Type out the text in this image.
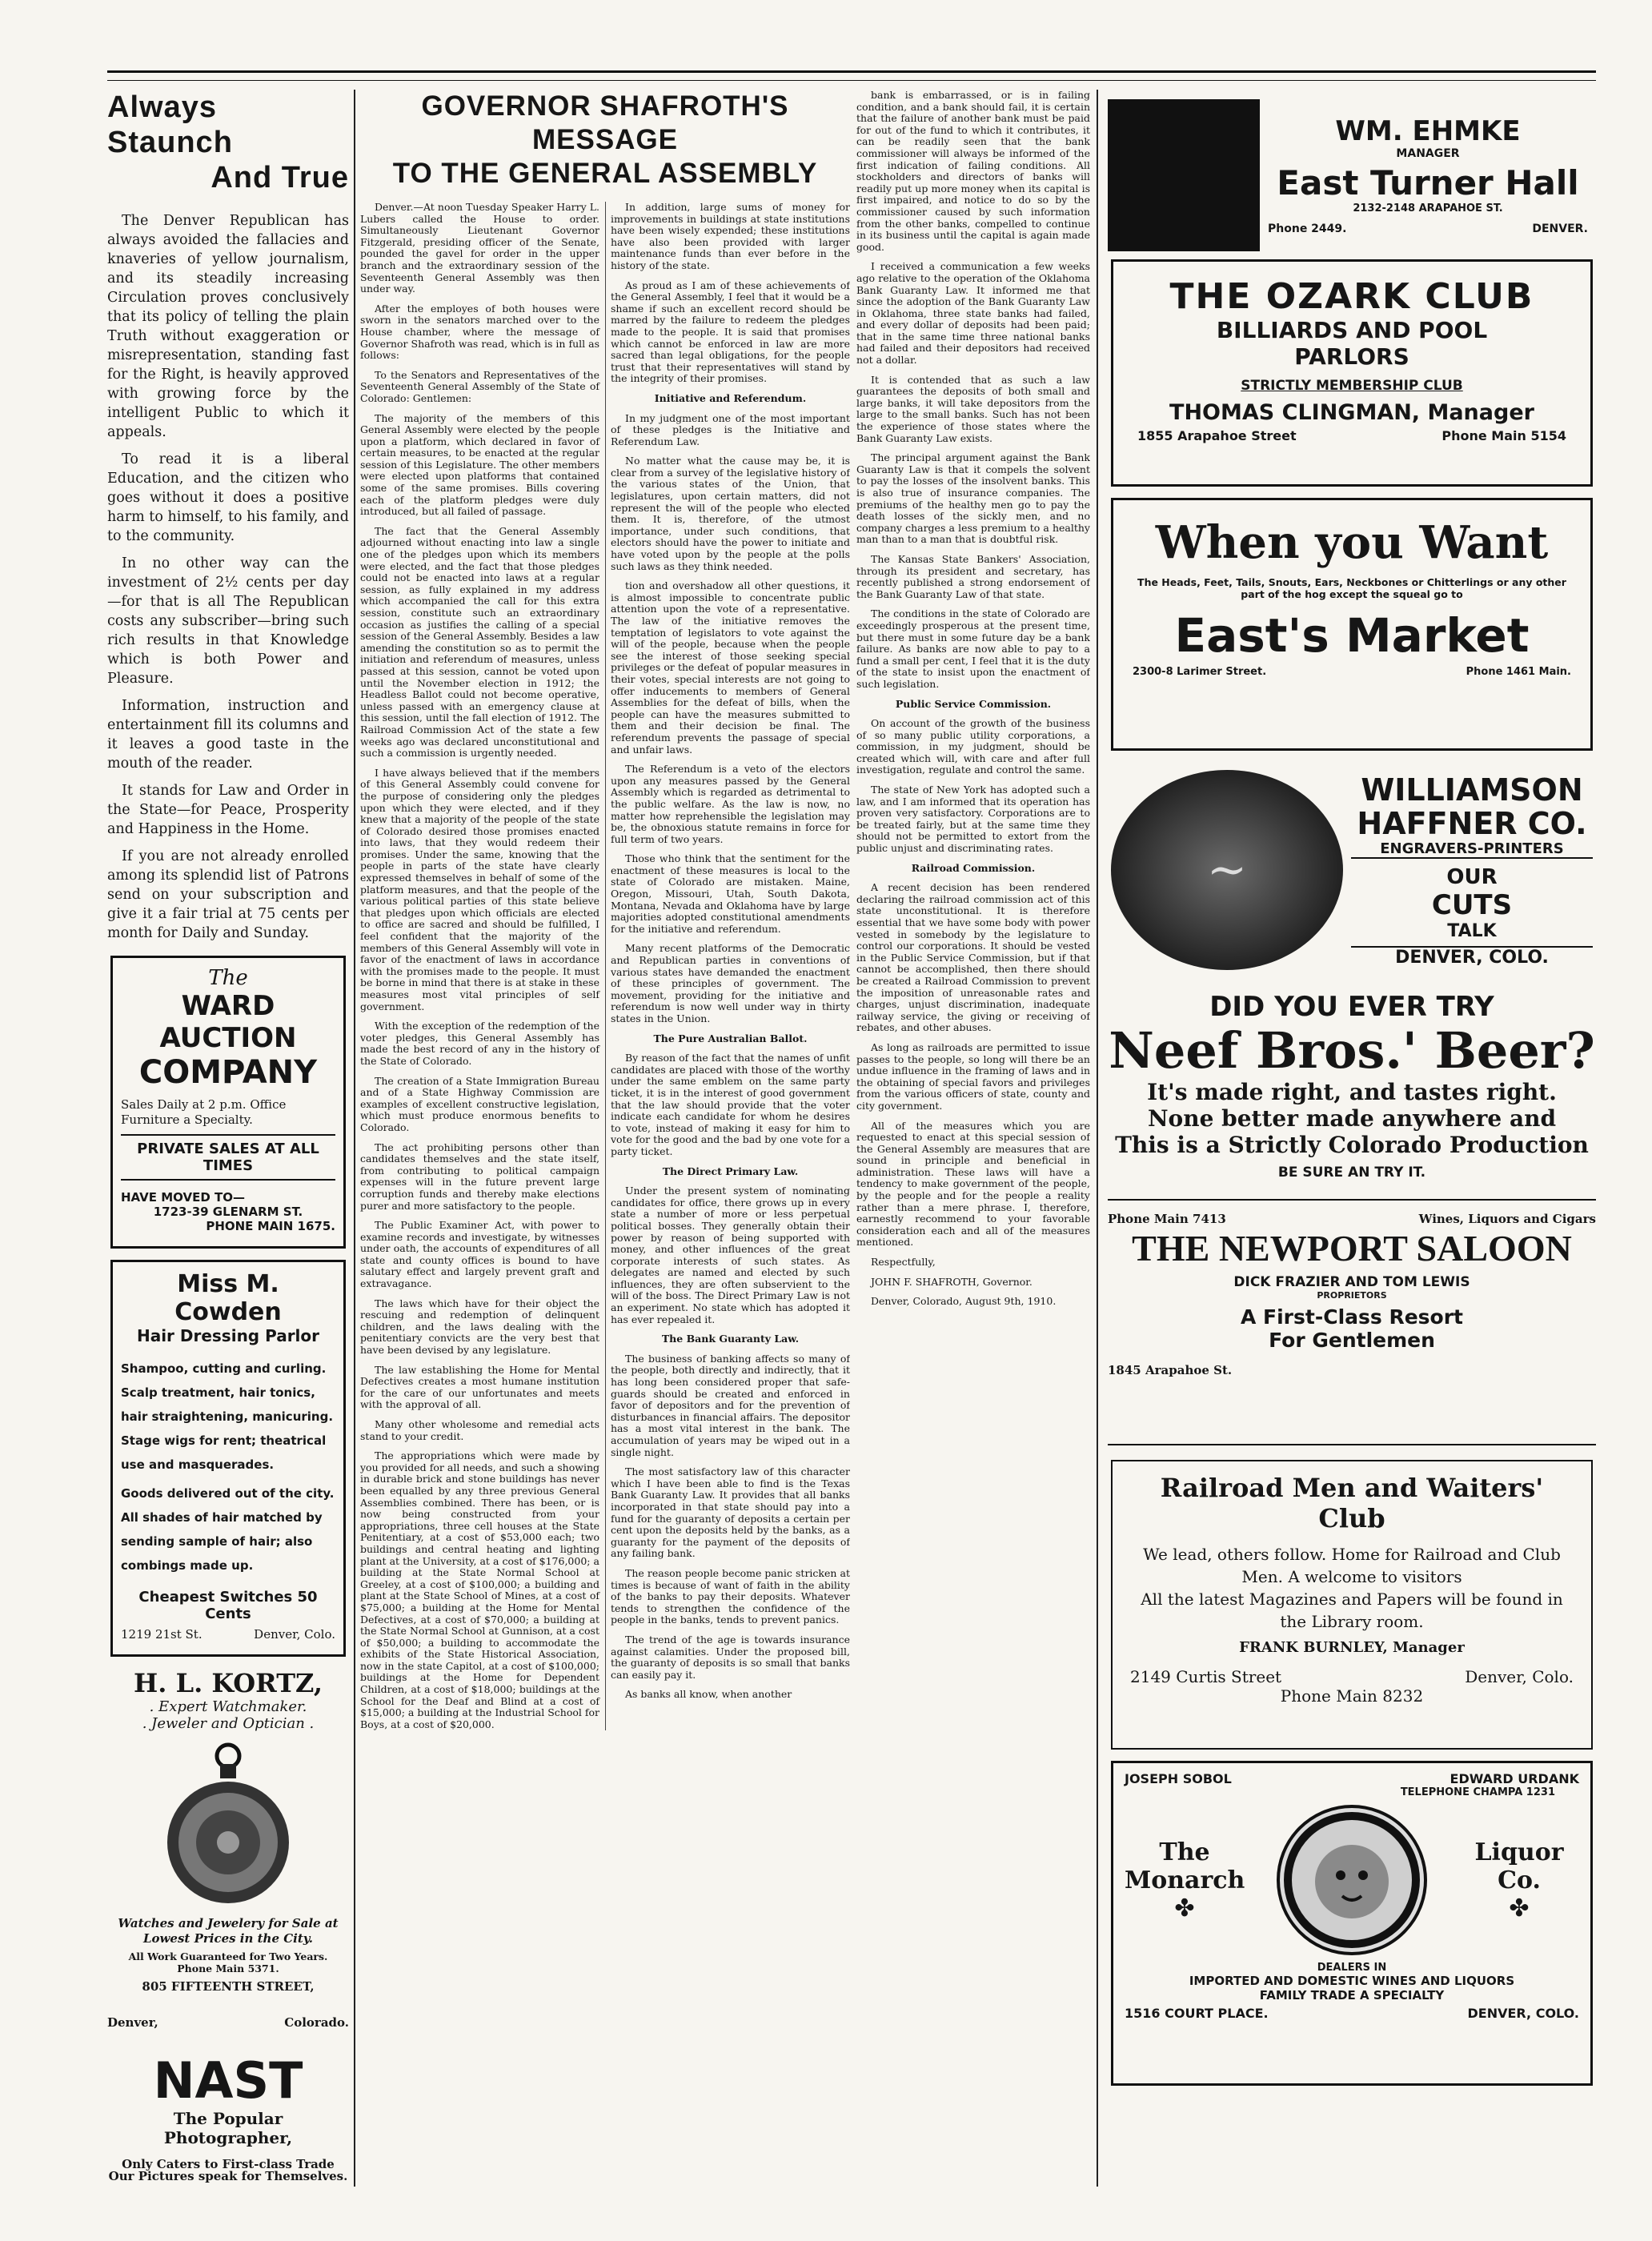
Always Staunch
And True

The Denver Republican has always avoided the fallacies and knaveries of yellow journalism, and its steadily increasing Circulation proves conclusively that its policy of telling the plain Truth without exaggeration or misrepresentation, standing fast for the Right, is heavily approved with growing force by the intelligent Public to which it appeals.

To read it is a liberal Education, and the citizen who goes without it does a positive harm to himself, to his family, and to the community.

In no other way can the investment of 2½ cents per day —for that is all The Republican costs any subscriber—bring such rich results in that Knowledge which is both Power and Pleasure.

Information, instruction and entertainment fill its columns and it leaves a good taste in the mouth of the reader.

It stands for Law and Order in the State—for Peace, Prosperity and Happiness in the Home.

If you are not already enrolled among its splendid list of Patrons send on your subscription and give it a fair trial at 75 cents per month for Daily and Sunday.

The
WARD AUCTION
COMPANY
Sales Daily at 2 p.m. Office Furniture a Specialty.
PRIVATE SALES AT ALL TIMES
HAVE MOVED TO—
1723-39 GLENARM ST.
PHONE MAIN 1675.
Miss M. Cowden
Hair Dressing Parlor
Shampoo, cutting and curling. Scalp treatment, hair tonics, hair straightening, manicuring. Stage wigs for rent; theatrical use and masquerades.
Goods delivered out of the city. All shades of hair matched by sending sample of hair; also combings made up.
Cheapest Switches 50 Cents
1219 21st St.	Denver, Colo.
H. L. KORTZ,
. Expert Watchmaker.
. Jeweler and Optician .
Watches and Jewelery for Sale at Lowest Prices in the City.
All Work Guaranteed for Two Years.
Phone Main 5371.
805 FIFTEENTH STREET,
Denver,	Colorado.
NAST
The Popular Photographer,
Only Caters to First-class Trade
Our Pictures speak for Themselves.
GOVERNOR SHAFROTH'S MESSAGE
TO THE GENERAL ASSEMBLY

Denver.—At noon Tuesday Speaker Harry L. Lubers called the House to order. Simultaneously Lieutenant Governor Fitzgerald, presiding officer of the Senate, pounded the gavel for order in the upper branch and the extraordinary session of the Seventeenth General Assembly was then under way.

After the employes of both houses were sworn in the senators marched over to the House chamber, where the message of Governor Shafroth was read, which is in full as follows:

To the Senators and Representatives of the Seventeenth General Assembly of the State of Colorado: Gentlemen:

The majority of the members of this General Assembly were elected by the people upon a platform, which declared in favor of certain measures, to be enacted at the regular session of this Legislature. The other members were elected upon platforms that contained some of the same promises. Bills covering each of the platform pledges were duly introduced, but all failed of passage.

The fact that the General Assembly adjourned without enacting into law a single one of the pledges upon which its members were elected, and the fact that those pledges could not be enacted into laws at a regular session, as fully explained in my address which accompanied the call for this extra session, constitute such an extraordinary occasion as justifies the calling of a special session of the General Assembly. Besides a law amending the constitution so as to permit the initiation and referendum of measures, unless passed at this session, cannot be voted upon until the November election in 1912; the Headless Ballot could not become operative, unless passed with an emergency clause at this session, until the fall election of 1912. The Railroad Commission Act of the state a few weeks ago was declared unconstitutional and such a commission is urgently needed.

I have always believed that if the members of this General Assembly could convene for the purpose of considering only the pledges upon which they were elected, and if they knew that a majority of the people of the state of Colorado desired those promises enacted into laws, that they would redeem their promises. Under the same, knowing that the people in parts of the state have clearly expressed themselves in behalf of some of the platform measures, and that the people of the various political parties of this state believe that pledges upon which officials are elected to office are sacred and should be fulfilled, I feel confident that the majority of the members of this General Assembly will vote in favor of the enactment of laws in accordance with the promises made to the people. It must be borne in mind that there is at stake in these measures most vital principles of self government.

With the exception of the redemption of the voter pledges, this General Assembly has made the best record of any in the history of the State of Colorado.

The creation of a State Immigration Bureau and of a State Highway Commission are examples of excellent constructive legislation, which must produce enormous benefits to Colorado.

The act prohibiting persons other than candidates themselves and the state itself, from contributing to political campaign expenses will in the future prevent large corruption funds and thereby make elections purer and more satisfactory to the people.

The Public Examiner Act, with power to examine records and investigate, by witnesses under oath, the accounts of expenditures of all state and county offices is bound to have salutary effect and largely prevent graft and extravagance.

The laws which have for their object the rescuing and redemption of delinquent children, and the laws dealing with the penitentiary convicts are the very best that have been devised by any legislature.

The law establishing the Home for Mental Defectives creates a most humane institution for the care of our unfortunates and meets with the approval of all.

Many other wholesome and remedial acts stand to your credit.

The appropriations which were made by you provided for all needs, and such a showing in durable brick and stone buildings has never been equalled by any three previous General Assemblies combined. There has been, or is now being constructed from your appropriations, three cell houses at the State Penitentiary, at a cost of $53,000 each; two buildings and central heating and lighting plant at the University, at a cost of $176,000; a building at the State Normal School at Greeley, at a cost of $100,000; a building and plant at the State School of Mines, at a cost of $75,000; a building at the Home for Mental Defectives, at a cost of $70,000; a building at the State Normal School at Gunnison, at a cost of $50,000; a building to accommodate the exhibits of the State Historical Association, now in the state Capitol, at a cost of $100,000; buildings at the Home for Dependent Children, at a cost of $18,000; buildings at the School for the Deaf and Blind at a cost of $15,000; a building at the Industrial School for Boys, at a cost of $20,000.

In addition, large sums of money for improvements in buildings at state institutions have been wisely expended; these institutions have also been provided with larger maintenance funds than ever before in the history of the state.

As proud as I am of these achievements of the General Assembly, I feel that it would be a shame if such an excellent record should be marred by the failure to redeem the pledges made to the people. It is said that promises which cannot be enforced in law are more sacred than legal obligations, for the people trust that their representatives will stand by the integrity of their promises.

Initiative and Referendum.

In my judgment one of the most important of these pledges is the Initiative and Referendum Law.

No matter what the cause may be, it is clear from a survey of the legislative history of the various states of the Union, that legislatures, upon certain matters, did not represent the will of the people who elected them. It is, therefore, of the utmost importance, under such conditions, that electors should have the power to initiate and have voted upon by the people at the polls such laws as they think needed.

tion and overshadow all other questions, it is almost impossible to concentrate public attention upon the vote of a representative. The law of the initiative removes the temptation of legislators to vote against the will of the people, because when the people see the interest of those seeking special privileges or the defeat of popular measures in their votes, special interests are not going to offer inducements to members of General Assemblies for the defeat of bills, when the people can have the measures submitted to them and their decision be final. The referendum prevents the passage of special and unfair laws.

The Referendum is a veto of the electors upon any measures passed by the General Assembly which is regarded as detrimental to the public welfare. As the law is now, no matter how reprehensible the legislation may be, the obnoxious statute remains in force for full term of two years.

Those who think that the sentiment for the enactment of these measures is local to the state of Colorado are mistaken. Maine, Oregon, Missouri, Utah, South Dakota, Montana, Nevada and Oklahoma have by large majorities adopted constitutional amendments for the initiative and referendum.

Many recent platforms of the Democratic and Republican parties in conventions of various states have demanded the enactment of these principles of government. The movement, providing for the initiative and referendum is now well under way in thirty states in the Union.

The Pure Australian Ballot.

By reason of the fact that the names of unfit candidates are placed with those of the worthy under the same emblem on the same party ticket, it is in the interest of good government that the law should provide that the voter indicate each candidate for whom he desires to vote, instead of making it easy for him to vote for the good and the bad by one vote for a party ticket.

The Direct Primary Law.

Under the present system of nominating candidates for office, there grows up in every state a number of more or less perpetual political bosses. They generally obtain their power by reason of being supported with money, and other influences of the great corporate interests of such states. As delegates are named and elected by such influences, they are often subservient to the will of the boss. The Direct Primary Law is not an experiment. No state which has adopted it has ever repealed it.

The Bank Guaranty Law.

The business of banking affects so many of the people, both directly and indirectly, that it has long been considered proper that safe-guards should be created and enforced in favor of depositors and for the prevention of disturbances in financial affairs. The depositor has a most vital interest in the bank. The accumulation of years may be wiped out in a single night.

The most satisfactory law of this character which I have been able to find is the Texas Bank Guaranty Law. It provides that all banks incorporated in that state should pay into a fund for the guaranty of deposits a certain per cent upon the deposits held by the banks, as a guaranty for the payment of the deposits of any failing bank.

The reason people become panic stricken at times is because of want of faith in the ability of the banks to pay their deposits. Whatever tends to strengthen the confidence of the people in the banks, tends to prevent panics.

The trend of the age is towards insurance against calamities. Under the proposed bill, the guaranty of deposits is so small that banks can easily pay it.

As banks all know, when another

bank is embarrassed, or is in failing condition, and a bank should fail, it is certain that the failure of another bank must be paid for out of the fund to which it contributes, it can be readily seen that the bank commissioner will always be informed of the first indication of failing conditions. All stockholders and directors of banks will readily put up more money when its capital is first impaired, and notice to do so by the commissioner caused by such information from the other banks, compelled to continue in its business until the capital is again made good.

I received a communication a few weeks ago relative to the operation of the Oklahoma Bank Guaranty Law. It informed me that since the adoption of the Bank Guaranty Law in Oklahoma, three state banks had failed, and every dollar of deposits had been paid; that in the same time three national banks had failed and their depositors had received not a dollar.

It is contended that as such a law guarantees the deposits of both small and large banks, it will take depositors from the large to the small banks. Such has not been the experience of those states where the Bank Guaranty Law exists.

The principal argument against the Bank Guaranty Law is that it compels the solvent to pay the losses of the insolvent banks. This is also true of insurance companies. The premiums of the healthy men go to pay the death losses of the sickly men, and no company charges a less premium to a healthy man than to a man that is doubtful risk.

The Kansas State Bankers' Association, through its president and secretary, has recently published a strong endorsement of the Bank Guaranty Law of that state.

The conditions in the state of Colorado are exceedingly prosperous at the present time, but there must in some future day be a bank failure. As banks are now able to pay to a fund a small per cent, I feel that it is the duty of the state to insist upon the enactment of such legislation.

Public Service Commission.

On account of the growth of the business of so many public utility corporations, a commission, in my judgment, should be created which will, with care and after full investigation, regulate and control the same.

The state of New York has adopted such a law, and I am informed that its operation has proven very satisfactory. Corporations are to be treated fairly, but at the same time they should not be permitted to extort from the public unjust and discriminating rates.

Railroad Commission.

A recent decision has been rendered declaring the railroad commission act of this state unconstitutional. It is therefore essential that we have some body with power vested in somebody by the legislature to control our corporations. It should be vested in the Public Service Commission, but if that cannot be accomplished, then there should be created a Railroad Commission to prevent the imposition of unreasonable rates and charges, unjust discrimination, inadequate railway service, the giving or receiving of rebates, and other abuses.

As long as railroads are permitted to issue passes to the people, so long will there be an undue influence in the framing of laws and in the obtaining of special favors and privileges from the various officers of state, county and city government.

All of the measures which you are requested to enact at this special session of the General Assembly are measures that are sound in principle and beneficial in administration. These laws will have a tendency to make government of the people, by the people and for the people a reality rather than a mere phrase. I, therefore, earnestly recommend to your favorable consideration each and all of the measures mentioned.

Respectfully,

JOHN F. SHAFROTH, Governor.

Denver, Colorado, August 9th, 1910.

WM. EHMKE
MANAGER
East Turner Hall
2132-2148 ARAPAHOE ST.
Phone 2449.	DENVER.
THE OZARK CLUB
BILLIARDS AND POOL
PARLORS
STRICTLY MEMBERSHIP CLUB
THOMAS CLINGMAN, Manager
1855 Arapahoe Street	Phone Main 5154
When you Want
The Heads, Feet, Tails, Snouts, Ears, Neckbones or Chitterlings or any other part of the hog except the squeal go to
East's Market
2300-8 Larimer Street.	Phone 1461 Main.
~
WILLIAMSON
HAFFNER CO.
ENGRAVERS-PRINTERS
OUR
CUTS
TALK
DENVER, COLO.
DID YOU EVER TRY
Neef Bros.' Beer?
It's made right, and tastes right.
None better made anywhere and
This is a Strictly Colorado Production
BE SURE AN TRY IT.
Phone Main 7413	Wines, Liquors and Cigars
THE NEWPORT SALOON
DICK FRAZIER AND TOM LEWIS
PROPRIETORS
A First-Class Resort
For Gentlemen
1845 Arapahoe St.
Railroad Men and Waiters'
Club
We lead, others follow. Home for Railroad and Club Men. A welcome to visitors
All the latest Magazines and Papers will be found in the Library room.
FRANK BURNLEY, Manager
2149 Curtis Street	Denver, Colo.
Phone Main 8232
JOSEPH SOBOL	EDWARD URDANK
TELEPHONE CHAMPA 1231
The
Monarch
✤
Liquor
Co.
✤
DEALERS IN
IMPORTED AND DOMESTIC WINES AND LIQUORS
FAMILY TRADE A SPECIALTY
1516 COURT PLACE.	DENVER, COLO.
